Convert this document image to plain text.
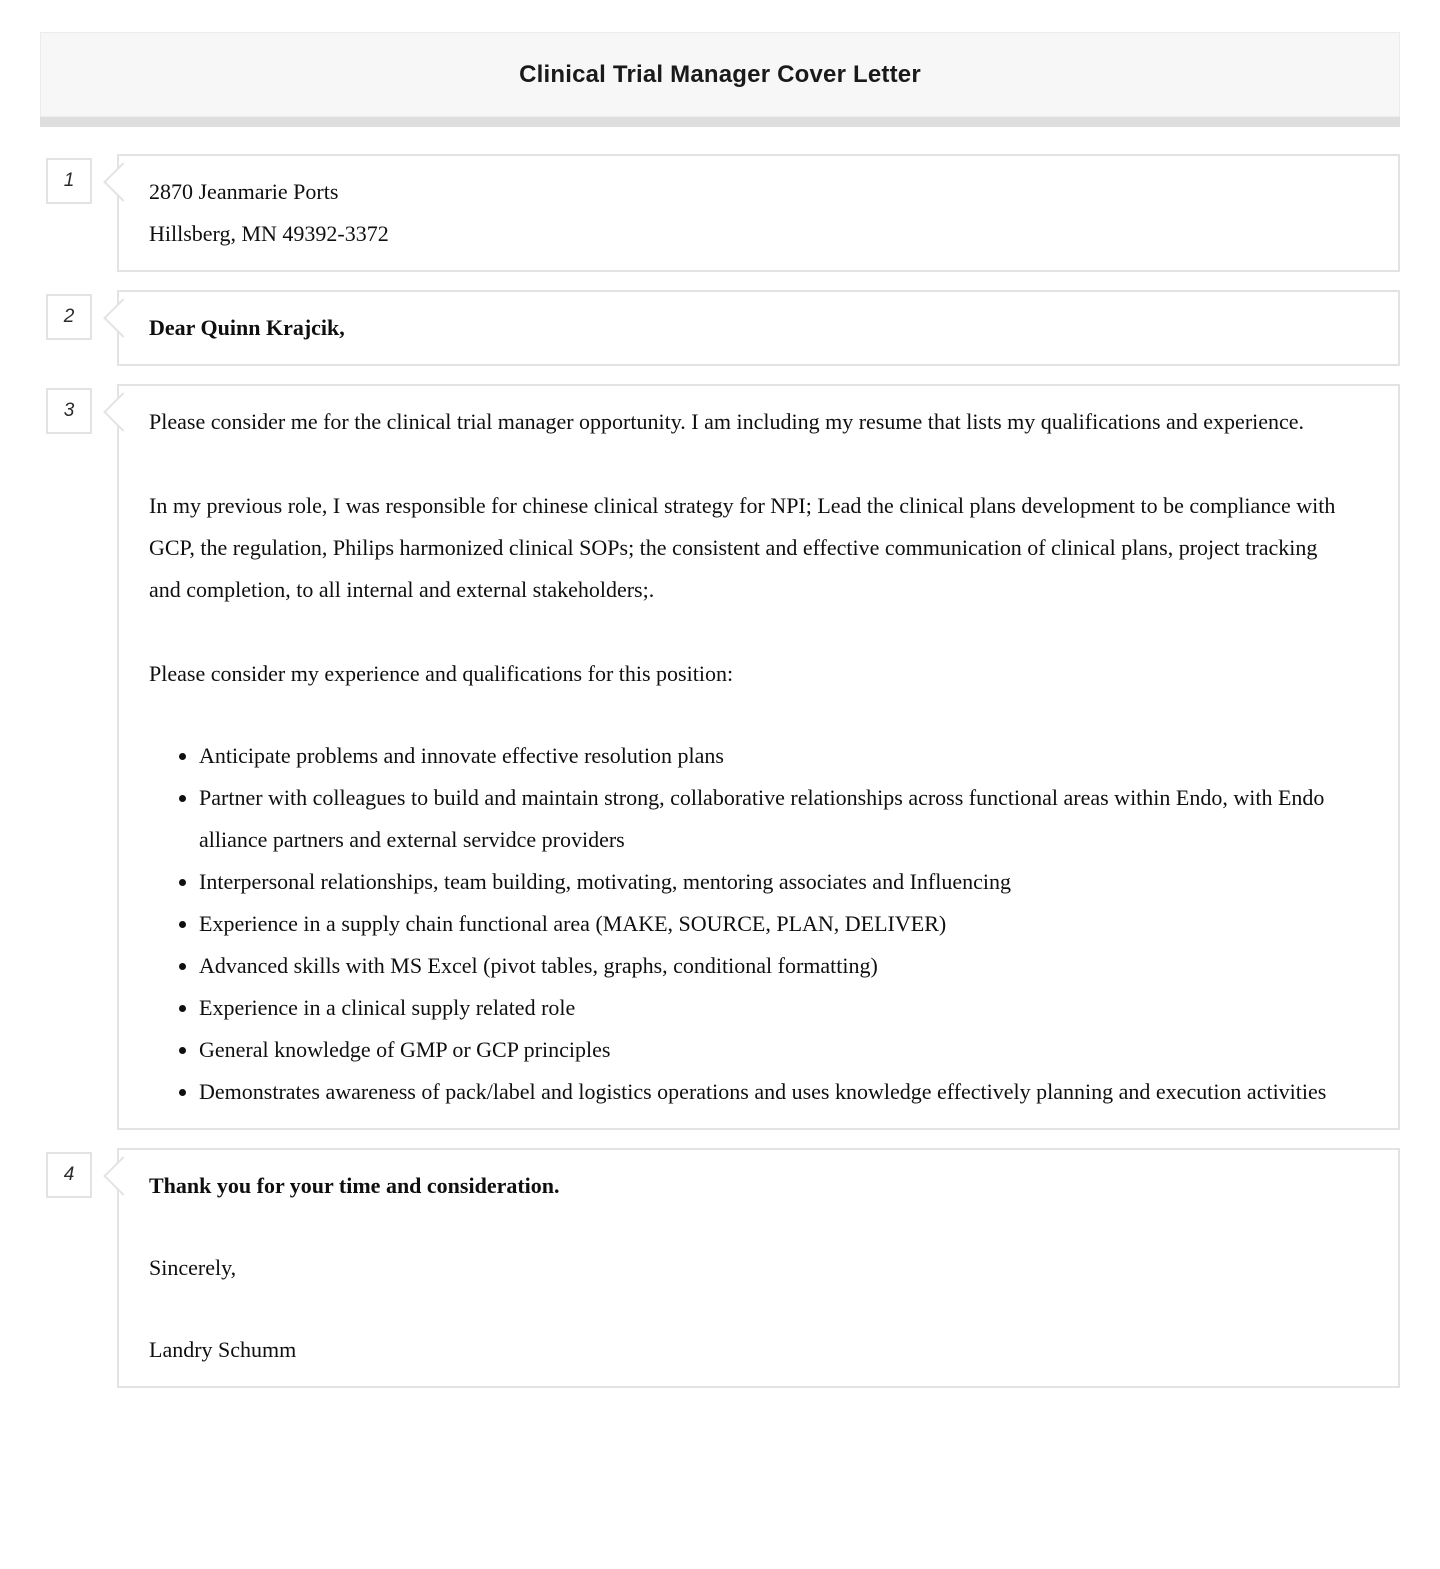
Clinical Trial Manager Cover Letter
1	2870 Jeanmarie Ports

Hillsberg, MN 49392-3372

2	Dear Quinn Krajcik,

3	Please consider me for the clinical trial manager opportunity. I am including my resume that lists my qualifications and experience.

In my previous role, I was responsible for chinese clinical strategy for NPI; Lead the clinical plans development to be compliance with GCP, the regulation, Philips harmonized clinical SOPs; the consistent and effective communication of clinical plans, project tracking and completion, to all internal and external stakeholders;.

Please consider my experience and qualifications for this position:

• Anticipate problems and innovate effective resolution plans
• Partner with colleagues to build and maintain strong, collaborative relationships across functional areas within Endo, with Endo alliance partners and external servidce providers
• Interpersonal relationships, team building, motivating, mentoring associates and Influencing
• Experience in a supply chain functional area (MAKE, SOURCE, PLAN, DELIVER)
• Advanced skills with MS Excel (pivot tables, graphs, conditional formatting)
• Experience in a clinical supply related role
• General knowledge of GMP or GCP principles
• Demonstrates awareness of pack/label and logistics operations and uses knowledge effectively planning and execution activities
4	Thank you for your time and consideration.

Sincerely,

Landry Schumm
